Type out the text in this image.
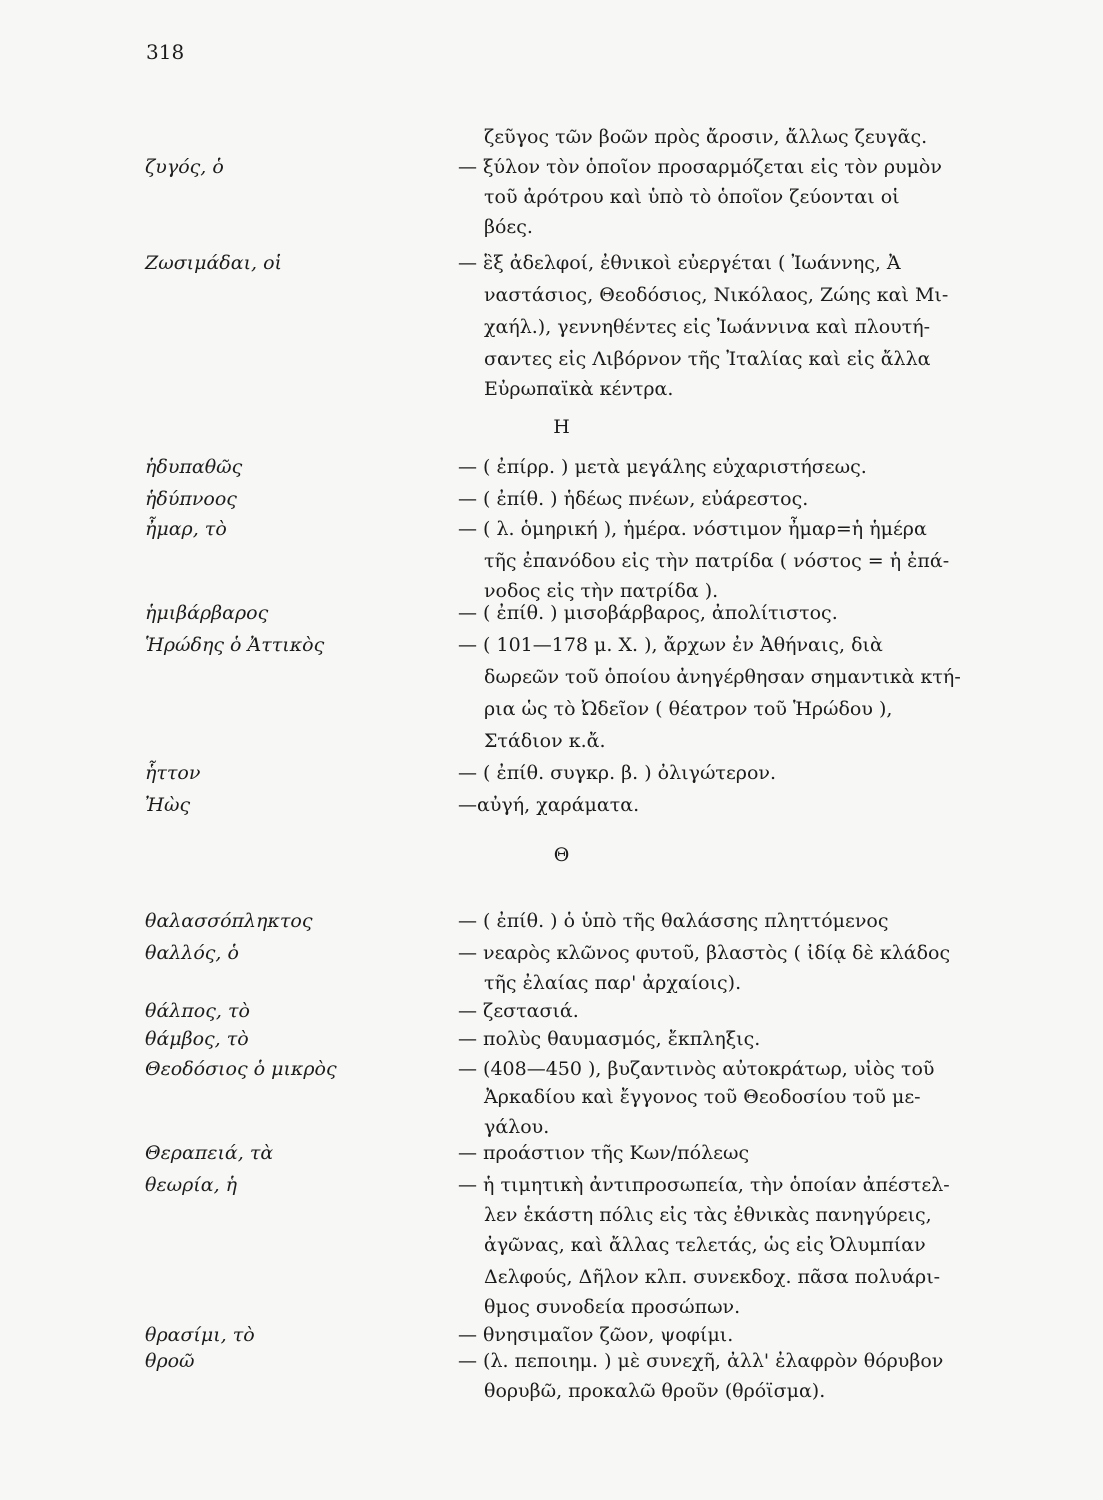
318
ζεῦγος τῶν βοῶν πρὸς ἄροσιν, ἄλλως ζευγᾶς.
ζυγός, ὁ	— ξύλον τὸν ὁποῖον προσαρμόζεται εἰς τὸν ρυμὸν
τοῦ ἀρότρου καὶ ὑπὸ τὸ ὁποῖον ζεύονται οἱ
βόες.
Ζωσιμάδαι, οἱ	— ἓξ ἀδελφοί, ἐθνικοὶ εὐεργέται ( Ἰωάννης, Ἀ
ναστάσιος, Θεοδόσιος, Νικόλαος, Ζώης καὶ Μι-
χαήλ.), γεννηθέντες εἰς Ἰωάννινα καὶ πλουτή-
σαντες εἰς Λιβόρνον τῆς Ἰταλίας καὶ εἰς ἄλλα
Εὐρωπαϊκὰ κέντρα.
Η
ἡδυπαθῶς	— ( ἐπίρρ. ) μετὰ μεγάλης εὐχαριστήσεως.
ἡδύπνοος	— ( ἐπίθ. ) ἡδέως πνέων, εὐάρεστος.
ἦμαρ, τὸ	— ( λ. ὁμηρική ), ἡμέρα. νόστιμον ἦμαρ=ἡ ἡμέρα
τῆς ἐπανόδου εἰς τὴν πατρίδα ( νόστος = ἡ ἐπά-
νοδος εἰς τὴν πατρίδα ).
ἡμιβάρβαρος	— ( ἐπίθ. ) μισοβάρβαρος, ἀπολίτιστος.
Ἡρώδης ὁ Ἀττικὸς	— ( 101—178 μ. Χ. ), ἄρχων ἐν Ἀθήναις, διὰ
δωρεῶν τοῦ ὁποίου ἀνηγέρθησαν σημαντικὰ κτή-
ρια ὡς τὸ Ὠδεῖον ( θέατρον τοῦ Ἡρώδου ),
Στάδιον κ.ἄ.
ἧττον	— ( ἐπίθ. συγκρ. β. ) ὀλιγώτερον.
Ἠὼς	—αὐγή, χαράματα.
Θ
θαλασσόπληκτος	— ( ἐπίθ. ) ὁ ὑπὸ τῆς θαλάσσης πληττόμενος
θαλλός, ὁ	— νεαρὸς κλῶνος φυτοῦ, βλαστὸς ( ἰδίᾳ δὲ κλάδος
τῆς ἐλαίας παρ' ἀρχαίοις).
θάλπος, τὸ	— ζεστασιά.
θάμβος, τὸ	— πολὺς θαυμασμός, ἔκπληξις.
Θεοδόσιος ὁ μικρὸς	— (408—450 ), βυζαντινὸς αὐτοκράτωρ, υἱὸς τοῦ
Ἀρκαδίου καὶ ἔγγονος τοῦ Θεοδοσίου τοῦ με-
γάλου.
Θεραπειά, τὰ	— προάστιον τῆς Κων/πόλεως
θεωρία, ἡ	— ἡ τιμητικὴ ἀντιπροσωπεία, τὴν ὁποίαν ἀπέστελ-
λεν ἑκάστη πόλις εἰς τὰς ἐθνικὰς πανηγύρεις,
ἀγῶνας, καὶ ἄλλας τελετάς, ὡς εἰς Ὀλυμπίαν
Δελφούς, Δῆλον κλπ. συνεκδοχ. πᾶσα πολυάρι-
θμος συνοδεία προσώπων.
θρασίμι, τὸ	— θνησιμαῖον ζῶον, ψοφίμι.
θροῶ	— (λ. πεποιημ. ) μὲ συνεχῆ, ἀλλ' ἐλαφρὸν θόρυβον
θορυβῶ, προκαλῶ θροῦν (θρόϊσμα).
